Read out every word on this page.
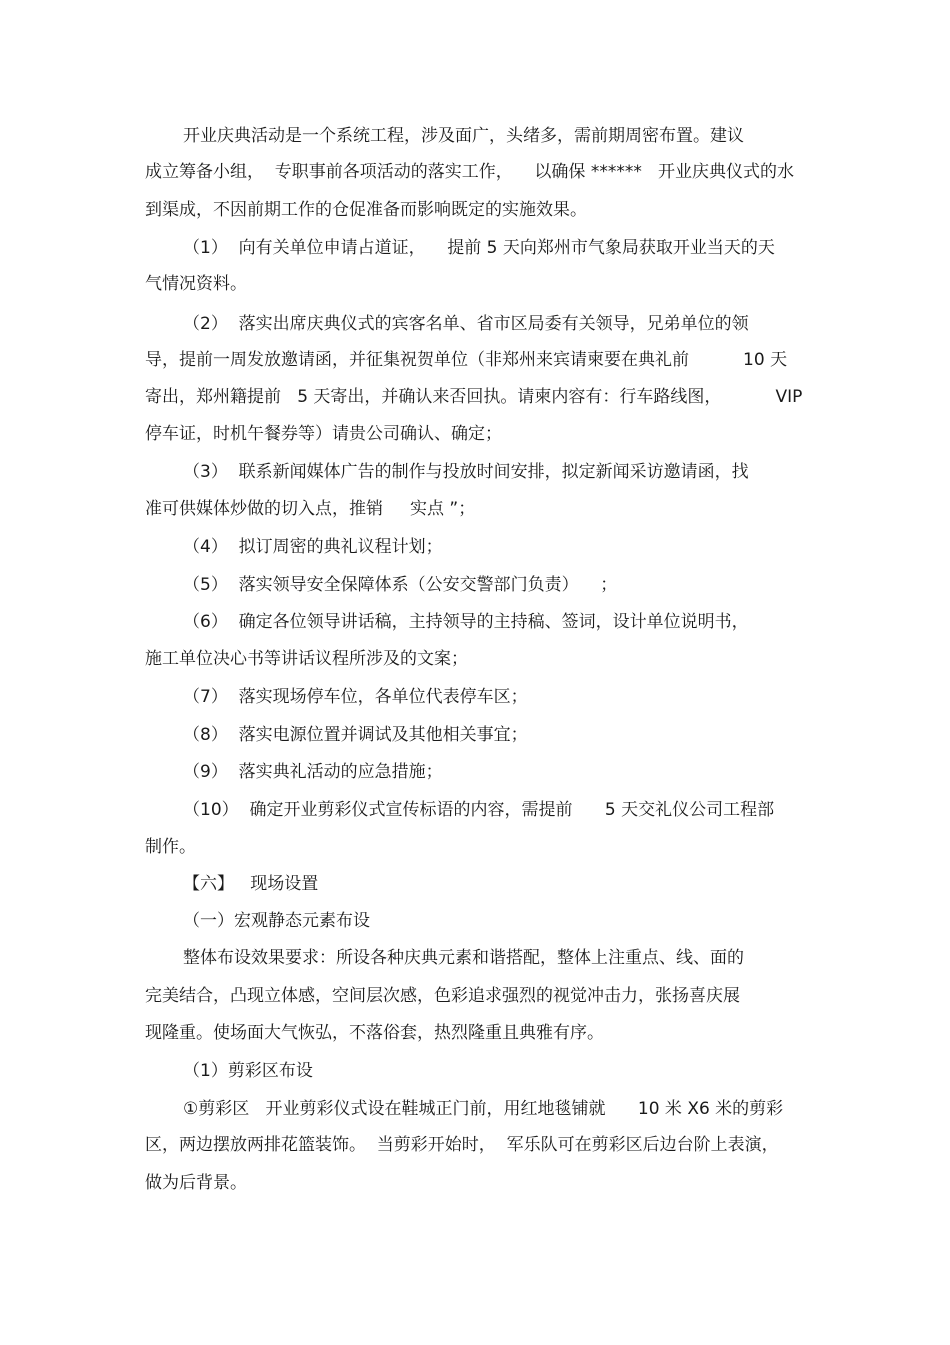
开业庆典活动是一个系统工程，涉及面广，头绪多，需前期周密布置。建议
成立筹备小组，  专职事前各项活动的落实工作，    以确保 ******   开业庆典仪式的水
到渠成，不因前期工作的仓促准备而影响既定的实施效果。
（1）  向有关单位申请占道证，    提前 5 天向郑州市气象局获取开业当天的天
气情况资料。
（2）  落实出席庆典仪式的宾客名单、省市区局委有关领导，兄弟单位的领
导，提前一周发放邀请函，并征集祝贺单位（非郑州来宾请柬要在典礼前          10 天
寄出，郑州籍提前   5 天寄出，并确认来否回执。请柬内容有：行车路线图，          VIP
停车证，时机午餐券等）请贵公司确认、确定；
（3）  联系新闻媒体广告的制作与投放时间安排，拟定新闻采访邀请函，找
准可供媒体炒做的切入点，推销     实点 ”；
（4）  拟订周密的典礼议程计划；
（5）  落实领导安全保障体系（公安交警部门负责）    ；
（6）  确定各位领导讲话稿，主持领导的主持稿、签词，设计单位说明书，
施工单位决心书等讲话议程所涉及的文案；
（7）  落实现场停车位，各单位代表停车区；
（8）  落实电源位置并调试及其他相关事宜；
（9）  落实典礼活动的应急措施；
（10）  确定开业剪彩仪式宣传标语的内容，需提前      5 天交礼仪公司工程部
制作。
【六】   现场设置
（一）宏观静态元素布设
整体布设效果要求：所设各种庆典元素和谐搭配，整体上注重点、线、面的
完美结合，凸现立体感，空间层次感，色彩追求强烈的视觉冲击力，张扬喜庆展
现隆重。使场面大气恢弘，不落俗套，热烈隆重且典雅有序。
（1）剪彩区布设
①剪彩区   开业剪彩仪式设在鞋城正门前，用红地毯铺就      10 米 X6 米的剪彩
区，两边摆放两排花篮装饰。  当剪彩开始时，  军乐队可在剪彩区后边台阶上表演，
做为后背景。
